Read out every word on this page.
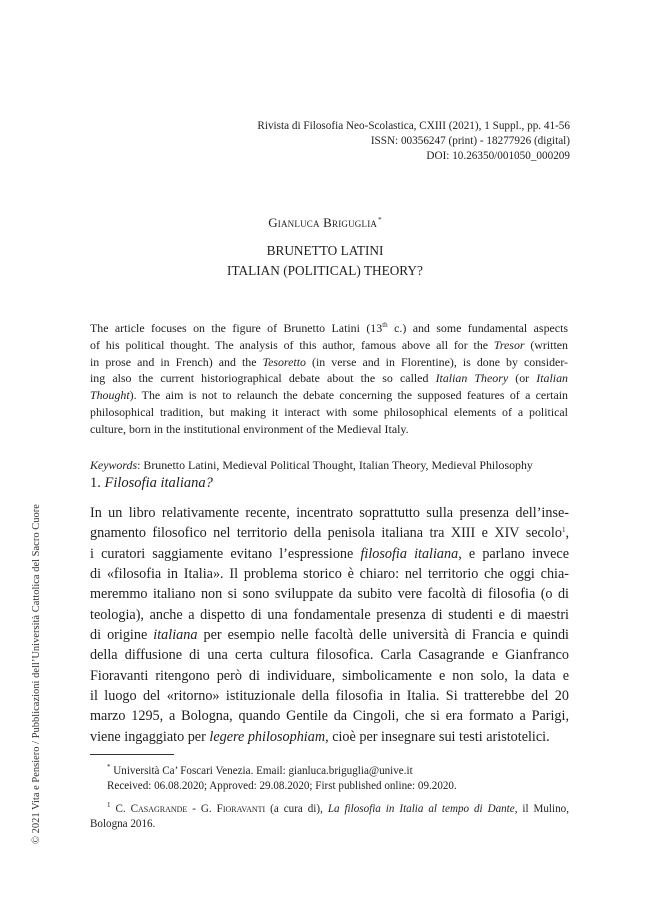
© 2021 Vita e Pensiero / Pubblicazioni dell’Università Cattolica del Sacro Cuore
Rivista di Filosofia Neo-Scolastica, CXIII (2021), 1 Suppl., pp. 41-56
ISSN: 00356247 (print) - 18277926 (digital)
DOI: 10.26350/001050_000209
Gianluca Briguglia*
BRUNETTO LATINI
ITALIAN (POLITICAL) THEORY?
The article focuses on the figure of Brunetto Latini (13th c.) and some fundamental aspects
of his political thought. The analysis of this author, famous above all for the Tresor (written
in prose and in French) and the Tesoretto (in verse and in Florentine), is done by consider-
ing also the current historiographical debate about the so called Italian Theory (or Italian
Thought). The aim is not to relaunch the debate concerning the supposed features of a certain
philosophical tradition, but making it interact with some philosophical elements of a political
culture, born in the institutional environment of the Medieval Italy.
Keywords: Brunetto Latini, Medieval Political Thought, Italian Theory, Medieval Philosophy
1. Filosofia italiana?
In un libro relativamente recente, incentrato soprattutto sulla presenza dell’inse-
gnamento filosofico nel territorio della penisola italiana tra XIII e XIV secolo$^1$,
i curatori saggiamente evitano l’espressione filosofia italiana, e parlano invece
di «filosofia in Italia». Il problema storico è chiaro: nel territorio che oggi chia-
meremmo italiano non si sono sviluppate da subito vere facoltà di filosofia (o di
teologia), anche a dispetto di una fondamentale presenza di studenti e di maestri
di origine italiana per esempio nelle facoltà delle università di Francia e quindi
della diffusione di una certa cultura filosofica. Carla Casagrande e Gianfranco
Fioravanti ritengono però di individuare, simbolicamente e non solo, la data e
il luogo del «ritorno» istituzionale della filosofia in Italia. Si tratterebbe del 20
marzo 1295, a Bologna, quando Gentile da Cingoli, che si era formato a Parigi,
viene ingaggiato per legere philosophiam, cioè per insegnare sui testi aristotelici.
* Università Ca’ Foscari Venezia. Email: gianluca.briguglia@unive.it
Received: 06.08.2020; Approved: 29.08.2020; First published online: 09.2020.
$^1$ C. Casagrande - G. Fioravanti (a cura di), La filosofia in Italia al tempo di Dante, il Mulino,
Bologna 2016.
